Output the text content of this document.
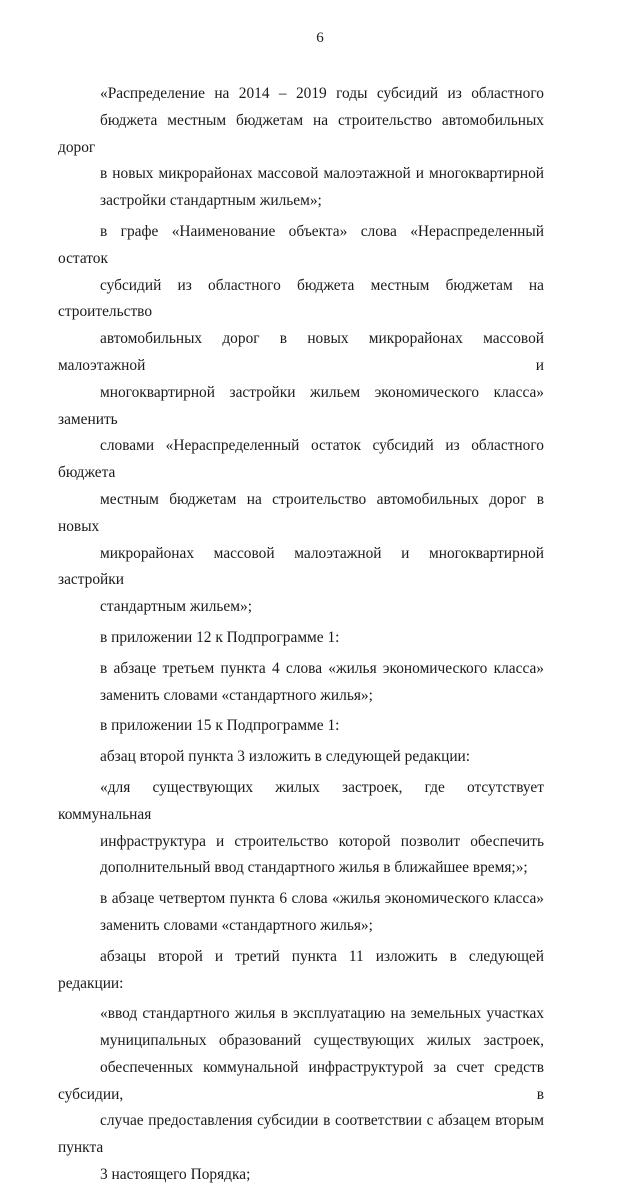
6
«Распределение на 2014 – 2019 годы субсидий из областного
бюджета местным бюджетам на строительство автомобильных дорог
в новых микрорайонах массовой малоэтажной и многоквартирной
застройки стандартным жильем»;
в графе «Наименование объекта» слова «Нераспределенный остаток
субсидий из областного бюджета местным бюджетам на строительство
автомобильных дорог в новых микрорайонах массовой малоэтажной и
многоквартирной застройки жильем экономического класса» заменить
словами «Нераспределенный остаток субсидий из областного бюджета
местным бюджетам на строительство автомобильных дорог в новых
микрорайонах массовой малоэтажной и многоквартирной застройки
стандартным жильем»;
в приложении 12 к Подпрограмме 1:
в абзаце третьем пункта 4 слова «жилья экономического класса»
заменить словами «стандартного жилья»;
в приложении 15 к Подпрограмме 1:
абзац второй пункта 3 изложить в следующей редакции:
«для существующих жилых застроек, где отсутствует коммунальная
инфраструктура и строительство которой позволит обеспечить
дополнительный ввод стандартного жилья в ближайшее время;»;
в абзаце четвертом пункта 6 слова «жилья экономического класса»
заменить словами «стандартного жилья»;
абзацы второй и третий пункта 11 изложить в следующей редакции:
«ввод стандартного жилья в эксплуатацию на земельных участках
муниципальных образований существующих жилых застроек,
обеспеченных коммунальной инфраструктурой за счет средств субсидии, в
случае предоставления субсидии в соответствии с абзацем вторым пункта
3 настоящего Порядка;
